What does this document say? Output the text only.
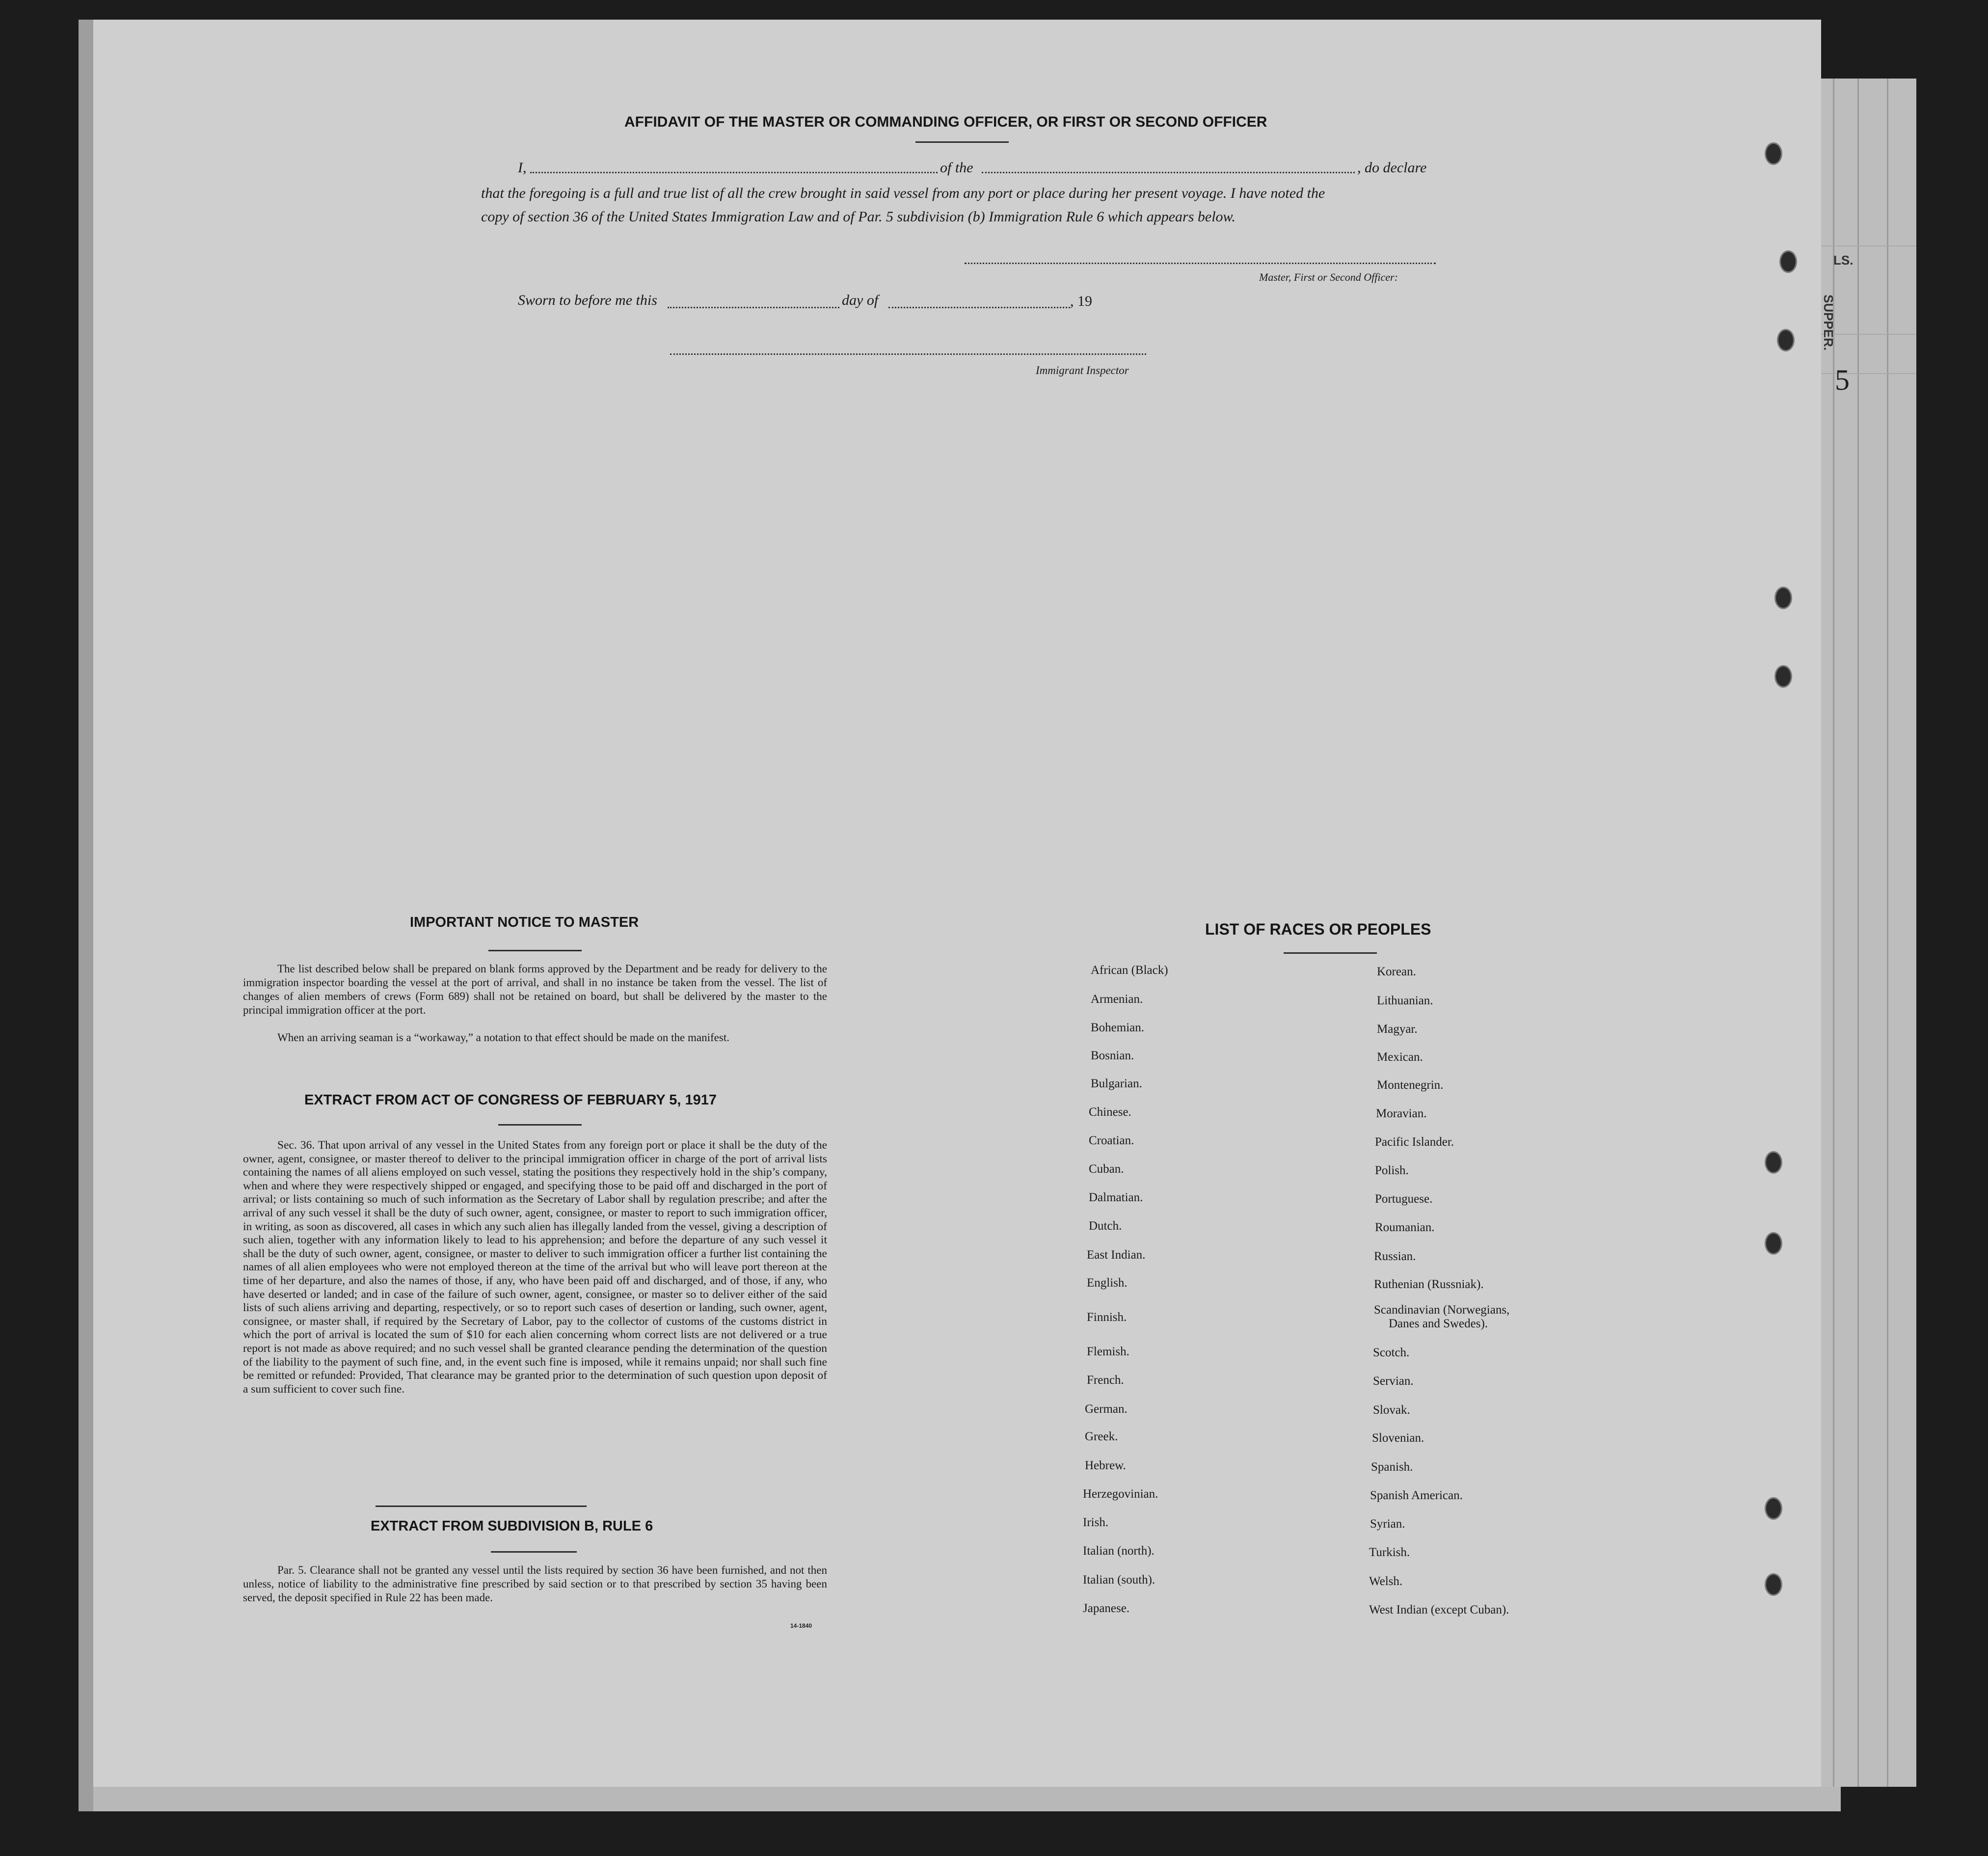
LS.
SUPPER.
5
AFFIDAVIT OF THE MASTER OR COMMANDING OFFICER, OR FIRST OR SECOND OFFICER
I,	of the	, do declare
that the foregoing is a full and true list of all the crew brought in said vessel from any port or place during her present voyage. I have noted the
copy of section 36 of the United States Immigration Law and of Par. 5 subdivision (b) Immigration Rule 6 which appears below.
Master, First or Second Officer:
Sworn to before me this	day of	, 19
Immigrant Inspector
IMPORTANT NOTICE TO MASTER

The list described below shall be prepared on blank forms approved by the Department and be ready for delivery to the immigration inspector boarding the vessel at the port of arrival, and shall in no instance be taken from the vessel. The list of changes of alien members of crews (Form 689) shall not be retained on board, but shall be delivered by the master to the principal immigration officer at the port.

When an arriving seaman is a “workaway,” a notation to that effect should be made on the manifest.

EXTRACT FROM ACT OF CONGRESS OF FEBRUARY 5, 1917

Sec. 36. That upon arrival of any vessel in the United States from any foreign port or place it shall be the duty of the owner, agent, consignee, or master thereof to deliver to the principal immigration officer in charge of the port of arrival lists containing the names of all aliens employed on such vessel, stating the positions they respectively hold in the ship’s company, when and where they were respectively shipped or engaged, and specifying those to be paid off and discharged in the port of arrival; or lists containing so much of such information as the Secretary of Labor shall by regulation prescribe; and after the arrival of any such vessel it shall be the duty of such owner, agent, consignee, or master to report to such immigration officer, in writing, as soon as discovered, all cases in which any such alien has illegally landed from the vessel, giving a description of such alien, together with any information likely to lead to his apprehension; and before the departure of any such vessel it shall be the duty of such owner, agent, consignee, or master to deliver to such immigration officer a further list containing the names of all alien employees who were not employed thereon at the time of the arrival but who will leave port thereon at the time of her departure, and also the names of those, if any, who have been paid off and discharged, and of those, if any, who have deserted or landed; and in case of the failure of such owner, agent, consignee, or master so to deliver either of the said lists of such aliens arriving and departing, respectively, or so to report such cases of desertion or landing, such owner, agent, consignee, or master shall, if required by the Secretary of Labor, pay to the collector of customs of the customs district in which the port of arrival is located the sum of $10 for each alien concerning whom correct lists are not delivered or a true report is not made as above required; and no such vessel shall be granted clearance pending the determination of the question of the liability to the payment of such fine, and, in the event such fine is imposed, while it remains unpaid; nor shall such fine be remitted or refunded: Provided, That clearance may be granted prior to the determination of such question upon deposit of a sum sufficient to cover such fine.

EXTRACT FROM SUBDIVISION B, RULE 6

Par. 5. Clearance shall not be granted any vessel until the lists required by section 36 have been furnished, and not then unless, notice of liability to the administrative fine prescribed by said section or to that prescribed by section 35 having been served, the deposit specified in Rule 22 has been made.

14-1840
LIST OF RACES OR PEOPLES
African (Black)
Armenian.
Bohemian.
Bosnian.
Bulgarian.
Chinese.
Croatian.
Cuban.
Dalmatian.
Dutch.
East Indian.
English.
Finnish.
Flemish.
French.
German.
Greek.
Hebrew.
Herzegovinian.
Irish.
Italian (north).
Italian (south).
Japanese.
Korean.
Lithuanian.
Magyar.
Mexican.
Montenegrin.
Moravian.
Pacific Islander.
Polish.
Portuguese.
Roumanian.
Russian.
Ruthenian (Russniak).
Scandinavian (Norwegians,
Danes and Swedes).
Scotch.
Servian.
Slovak.
Slovenian.
Spanish.
Spanish American.
Syrian.
Turkish.
Welsh.
West Indian (except Cuban).
